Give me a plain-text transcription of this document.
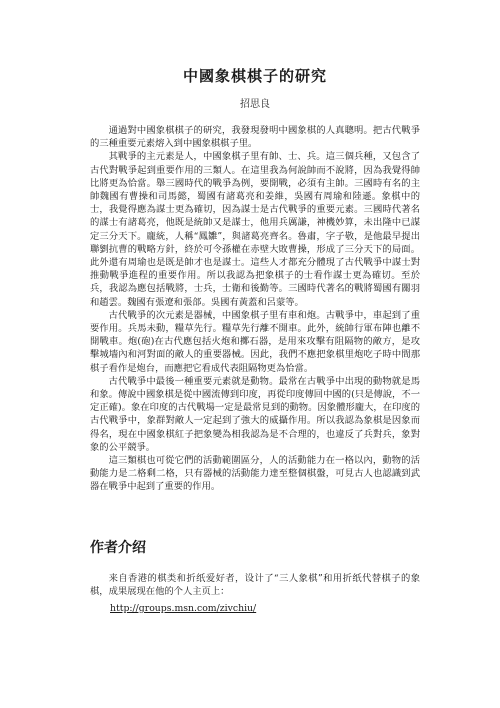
中國象棋棋子的研究
招思良

通過對中國象棋棋子的研究，我發現發明中國象棋的人真聰明。把古代戰爭的三種重要元素熔入到中國象棋棋子里。

其戰爭的主元素是人，中國象棋子里有帥、士、兵。這三個兵種，又包含了古代對戰爭起到重要作用的三類人。在這里我為何說帥而不說將，因為我覺得帥比將更為恰當。舉三國時代的戰爭為例，要開戰，必須有主帥。三國時有名的主帥魏國有曹操和司馬懿，蜀國有諸葛亮和姜維，吳國有周瑜和陸遜。象棋中的士，我覺得應為謀士更為確切，因為謀士是古代戰爭的重要元素。三國時代著名的謀士有諸葛亮，他既是統帥又是謀士，他用兵厲謙，神機妙算，未出隆中已謀定三分天下。龐統，人稱“鳳雛”，與諸葛亮齊名。魯肅，字子敬，是他最早提出聯劉抗曹的戰略方針，終於可令孫權在赤壁大敗曹操，形成了三分天下的局面。此外還有周瑜也是既是帥才也是謀士。這些人才都充分體現了古代戰爭中謀士對推動戰爭進程的重要作用。所以我認為把象棋子的士看作謀士更為確切。至於兵，我認為應包括戰將，士兵，士衛和後勤等。三國時代著名的戰將蜀國有關羽和趙雲。魏國有張遼和張郃。吳國有黃蓋和呂蒙等。

古代戰爭的次元素是器械，中國象棋子里有車和炮。古戰爭中，車起到了重要作用。兵馬未動，糧草先行。糧草先行離不開車。此外，統帥行軍布陣也離不開戰車。炮(砲)在古代應包括火炮和擲石器，是用來攻擊有阻隔物的敵方，是攻擊城墻內和河對面的敵人的重要器械。因此，我們不應把象棋里炮吃子時中間那棋子看作是炮台，而應把它看成代表阻隔物更為恰當。

古代戰爭中最後一種重要元素就是動物。最常在古戰爭中出現的動物就是馬和象。傳說中國象棋是從中國流傳到印度，再從印度傳回中國的(只是傳說，不一定正確)。象在印度的古代戰場一定是最常見到的動物。因象體形龐大，在印度的古代戰爭中，象群對敵人一定起到了強大的威攝作用。所以我認為象棋是因象而得名，現在中國象棋紅子把象變為相我認為是不合理的，也違反了兵對兵，象對象的公平競爭。

這三類棋也可從它們的活動範圍區分，人的活動能力在一格以內，動物的活動能力是二格剩二格，只有器械的活動能力達至整個棋盤，可見古人也認識到武器在戰爭中起到了重要的作用。

作者介绍

来自香港的棋类和折纸爱好者，设计了“三人象棋”和用折纸代替棋子的象棋，成果展现在他的个人主页上：

http://groups.msn.com/zivchiu/
